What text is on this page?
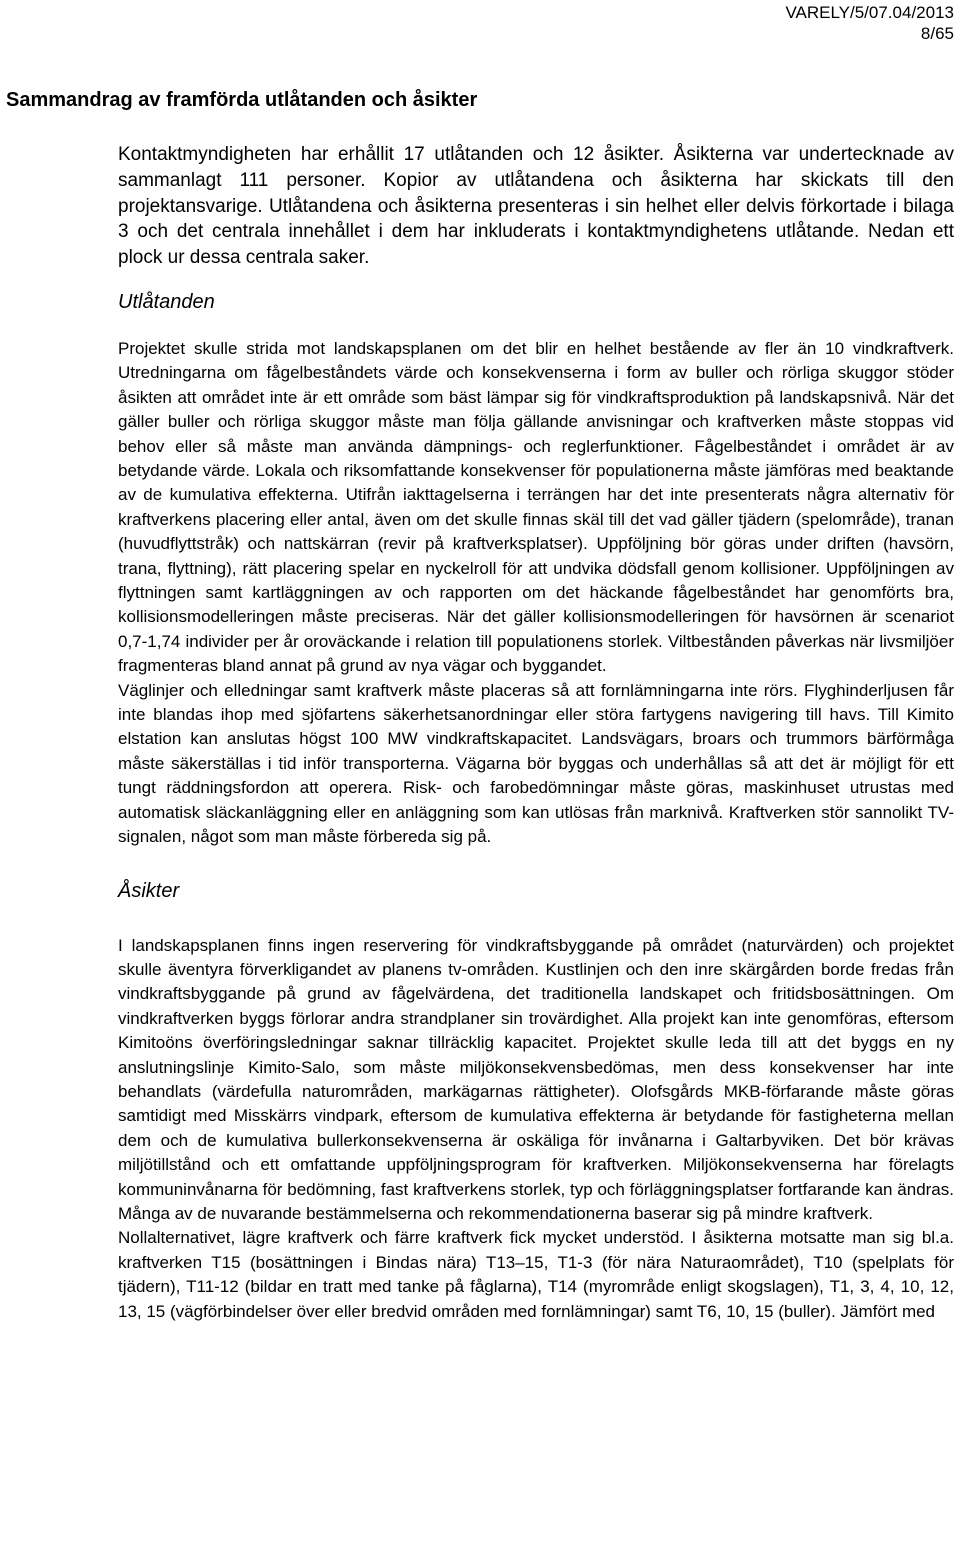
VARELY/5/07.04/2013
8/65
Sammandrag av framförda utlåtanden och åsikter

Kontaktmyndigheten har erhållit 17 utlåtanden och 12 åsikter. Åsikterna var undertecknade av sammanlagt 111 personer. Kopior av utlåtandena och åsikterna har skickats till den projektansvarige. Utlåtandena och åsikterna presenteras i sin helhet eller delvis förkortade i bilaga 3 och det centrala innehållet i dem har inkluderats i kontaktmyndighetens utlåtande. Nedan ett plock ur dessa centrala saker.

Utlåtanden

Projektet skulle strida mot landskapsplanen om det blir en helhet bestående av fler än 10 vindkraftverk. Utredningarna om fågelbeståndets värde och konsekvenserna i form av buller och rörliga skuggor stöder åsikten att området inte är ett område som bäst lämpar sig för vindkraftsproduktion på landskapsnivå. När det gäller buller och rörliga skuggor måste man följa gällande anvisningar och kraftverken måste stoppas vid behov eller så måste man använda dämpnings- och reglerfunktioner. Fågelbeståndet i området är av betydande värde. Lokala och riksomfattande konsekvenser för populationerna måste jämföras med beaktande av de kumulativa effekterna. Utifrån iakttagelserna i terrängen har det inte presenterats några alternativ för kraftverkens placering eller antal, även om det skulle finnas skäl till det vad gäller tjädern (spelområde), tranan (huvudflyttstråk) och nattskärran (revir på kraftverksplatser). Uppföljning bör göras under driften (havsörn, trana, flyttning), rätt placering spelar en nyckelroll för att undvika dödsfall genom kollisioner. Uppföljningen av flyttningen samt kartläggningen av och rapporten om det häckande fågelbeståndet har genomförts bra, kollisionsmodelleringen måste preciseras. När det gäller kollisionsmodelleringen för havsörnen är scenariot 0,7-1,74 individer per år oroväckande i relation till populationens storlek. Viltbestånden påverkas när livsmiljöer fragmenteras bland annat på grund av nya vägar och byggandet.

Väglinjer och elledningar samt kraftverk måste placeras så att fornlämningarna inte rörs. Flyghinderljusen får inte blandas ihop med sjöfartens säkerhetsanordningar eller störa fartygens navigering till havs. Till Kimito elstation kan anslutas högst 100 MW vindkraftskapacitet. Landsvägars, broars och trummors bärförmåga måste säkerställas i tid inför transporterna. Vägarna bör byggas och underhållas så att det är möjligt för ett tungt räddningsfordon att operera. Risk- och farobedömningar måste göras, maskinhuset utrustas med automatisk släckanläggning eller en anläggning som kan utlösas från marknivå. Kraftverken stör sannolikt TV-signalen, något som man måste förbereda sig på.

Åsikter

I landskapsplanen finns ingen reservering för vindkraftsbyggande på området (naturvärden) och projektet skulle äventyra förverkligandet av planens tv-områden. Kustlinjen och den inre skärgården borde fredas från vindkraftsbyggande på grund av fågelvärdena, det traditionella landskapet och fritidsbosättningen. Om vindkraftverken byggs förlorar andra strandplaner sin trovärdighet. Alla projekt kan inte genomföras, eftersom Kimitoöns överföringsledningar saknar tillräcklig kapacitet. Projektet skulle leda till att det byggs en ny anslutningslinje Kimito-Salo, som måste miljökonsekvensbedömas, men dess konsekvenser har inte behandlats (värdefulla naturområden, markägarnas rättigheter). Olofsgårds MKB-förfarande måste göras samtidigt med Misskärrs vindpark, eftersom de kumulativa effekterna är betydande för fastigheterna mellan dem och de kumulativa bullerkonsekvenserna är oskäliga för invånarna i Galtarbyviken. Det bör krävas miljötillstånd och ett omfattande uppföljningsprogram för kraftverken. Miljökonsekvenserna har förelagts kommuninvånarna för bedömning, fast kraftverkens storlek, typ och förläggningsplatser fortfarande kan ändras. Många av de nuvarande bestämmelserna och rekommendationerna baserar sig på mindre kraftverk.

Nollalternativet, lägre kraftverk och färre kraftverk fick mycket understöd. I åsikterna motsatte man sig bl.a. kraftverken T15 (bosättningen i Bindas nära) T13–15, T1-3 (för nära Naturaområdet), T10 (spelplats för tjädern), T11-12 (bildar en tratt med tanke på fåglarna), T14 (myrområde enligt skogslagen), T1, 3, 4, 10, 12, 13, 15 (vägförbindelser över eller bredvid områden med fornlämningar) samt T6, 10, 15 (buller). Jämfört med
